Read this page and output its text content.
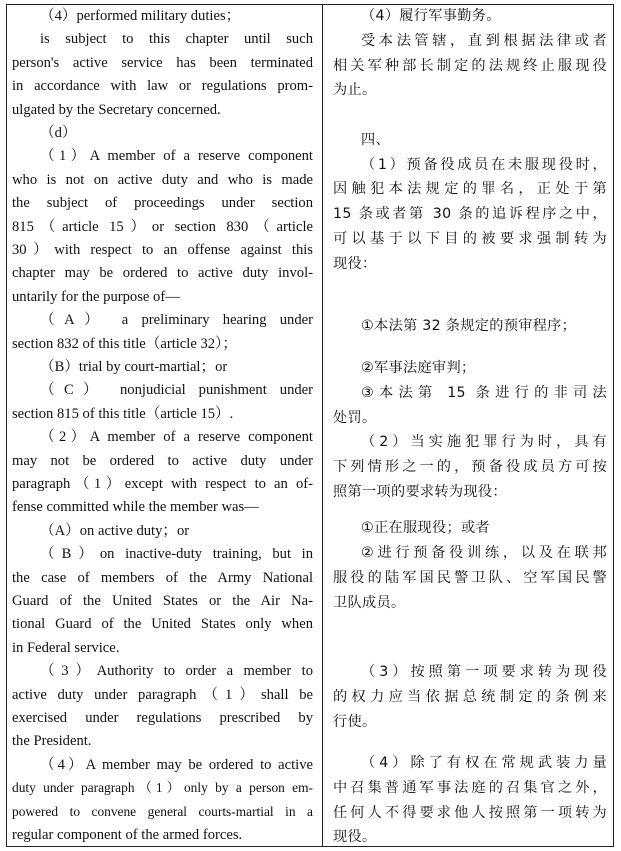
（4）performed military duties；
is subject to this chapter until such
person's active service has been terminated
in accordance with law or regulations prom-
ulgated by the Secretary concerned.
（d）
（1）A member of a reserve component
who is not on active duty and who is made
the subject of proceedings under section
815（article 15）or section 830（article
30）with respect to an offense against this
chapter may be ordered to active duty invol-
untarily for the purpose of—
（A） a preliminary hearing under
section 832 of this title（article 32）；
（B）trial by court-martial；or
（C） nonjudicial punishment under
section 815 of this title（article 15）.
（2）A member of a reserve component
may not be ordered to active duty under
paragraph（1）except with respect to an of-
fense committed while the member was—
（A）on active duty；or
（B）on inactive-duty training, but in
the case of members of the Army National
Guard of the United States or the Air Na-
tional Guard of the United States only when
in Federal service.
（3）Authority to order a member to
active duty under paragraph（1）shall be
exercised under regulations prescribed by
the President.
（4）A member may be ordered to active
duty under paragraph（1）only by a person em-
powered to convene general courts-martial in a
regular component of the armed forces.
（4）履行军事勤务。
受本法管辖，直到根据法律或者
相关军种部长制定的法规终止服现役
为止。
四、
（1）预备役成员在未服现役时，
因触犯本法规定的罪名，正处于第
15 条或者第 30 条的追诉程序之中，
可以基于以下目的被要求强制转为
现役：
①本法第 32 条规定的预审程序；
②军事法庭审判；
③本法第 15 条进行的非司法
处罚。
（2）当实施犯罪行为时，具有
下列情形之一的，预备役成员方可按
照第一项的要求转为现役：
①正在服现役；或者
②进行预备役训练，以及在联邦
服役的陆军国民警卫队、空军国民警
卫队成员。
（3）按照第一项要求转为现役
的权力应当依据总统制定的条例来
行使。
（4）除了有权在常规武装力量
中召集普通军事法庭的召集官之外，
任何人不得要求他人按照第一项转为
现役。
